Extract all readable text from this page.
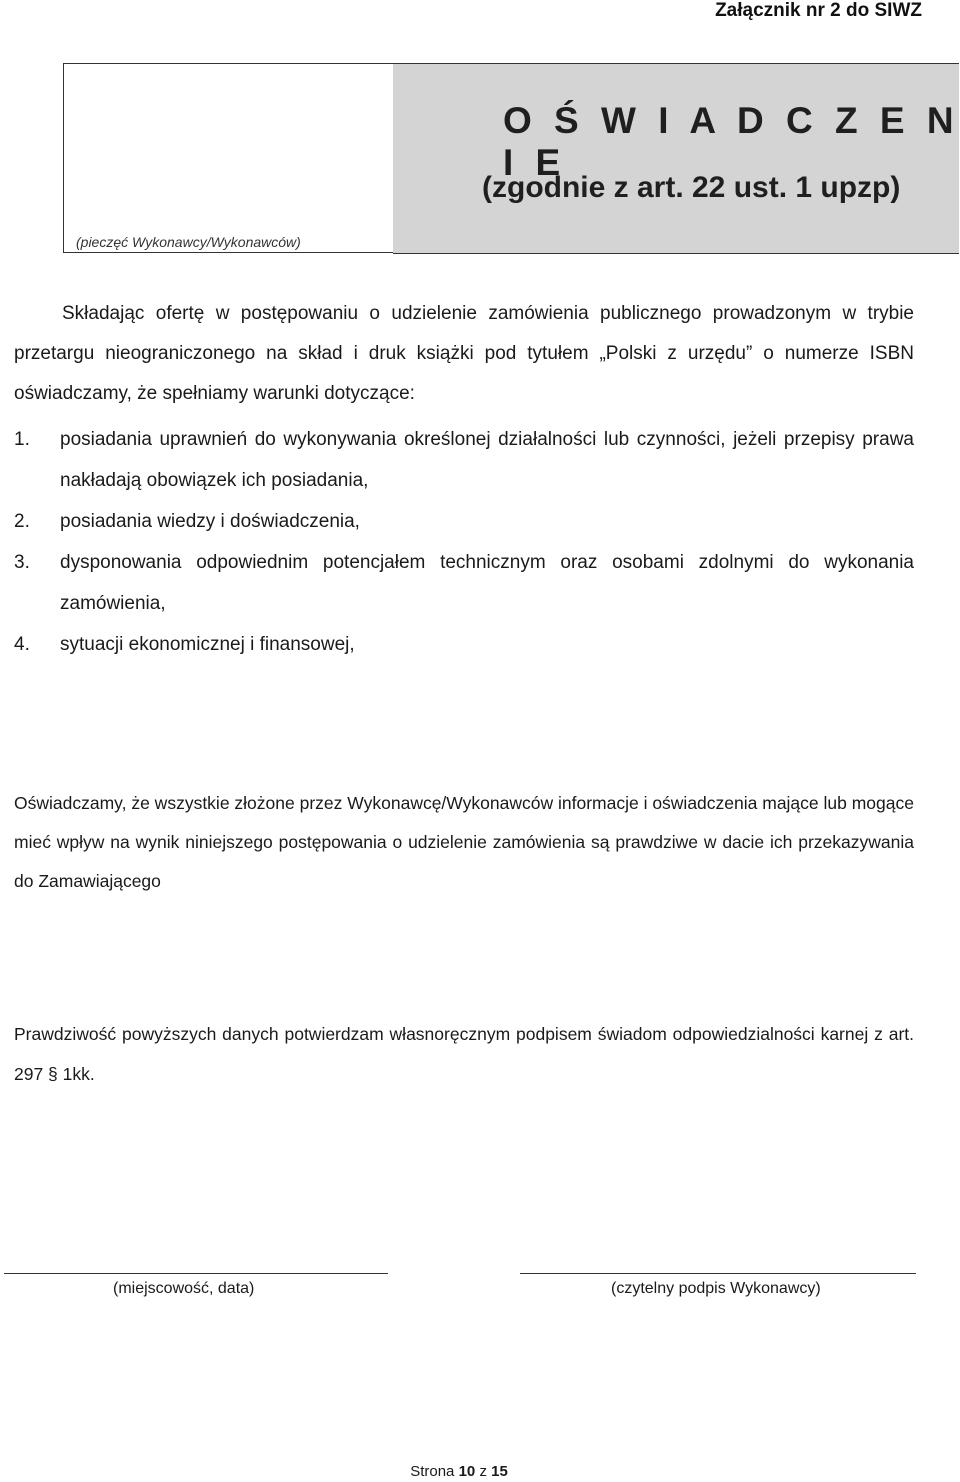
Załącznik nr 2 do SIWZ
(pieczęć Wykonawcy/Wykonawców)
O Ś W I A D C Z E N I E
(zgodnie z art. 22 ust. 1 upzp)
Składając ofertę w postępowaniu o udzielenie zamówienia publicznego prowadzonym w trybie przetargu nieograniczonego na skład i druk książki pod tytułem „Polski z urzędu” o numerze ISBN oświadczamy, że spełniamy warunki dotyczące:
1.	posiadania uprawnień do wykonywania określonej działalności lub czynności, jeżeli przepisy prawa nakładają obowiązek ich posiadania,
2.	posiadania wiedzy i doświadczenia,
3.	dysponowania odpowiednim potencjałem technicznym oraz osobami zdolnymi do wykonania zamówienia,
4.	sytuacji ekonomicznej i finansowej,
Oświadczamy, że wszystkie złożone przez Wykonawcę/Wykonawców informacje i oświadczenia mające lub mogące mieć wpływ na wynik niniejszego postępowania o udzielenie zamówienia są prawdziwe w dacie ich przekazywania do Zamawiającego
Prawdziwość powyższych danych potwierdzam własnoręcznym podpisem świadom odpowiedzialności karnej z art. 297 § 1kk.
(miejscowość, data)	(czytelny podpis Wykonawcy)
Strona 10 z 15
